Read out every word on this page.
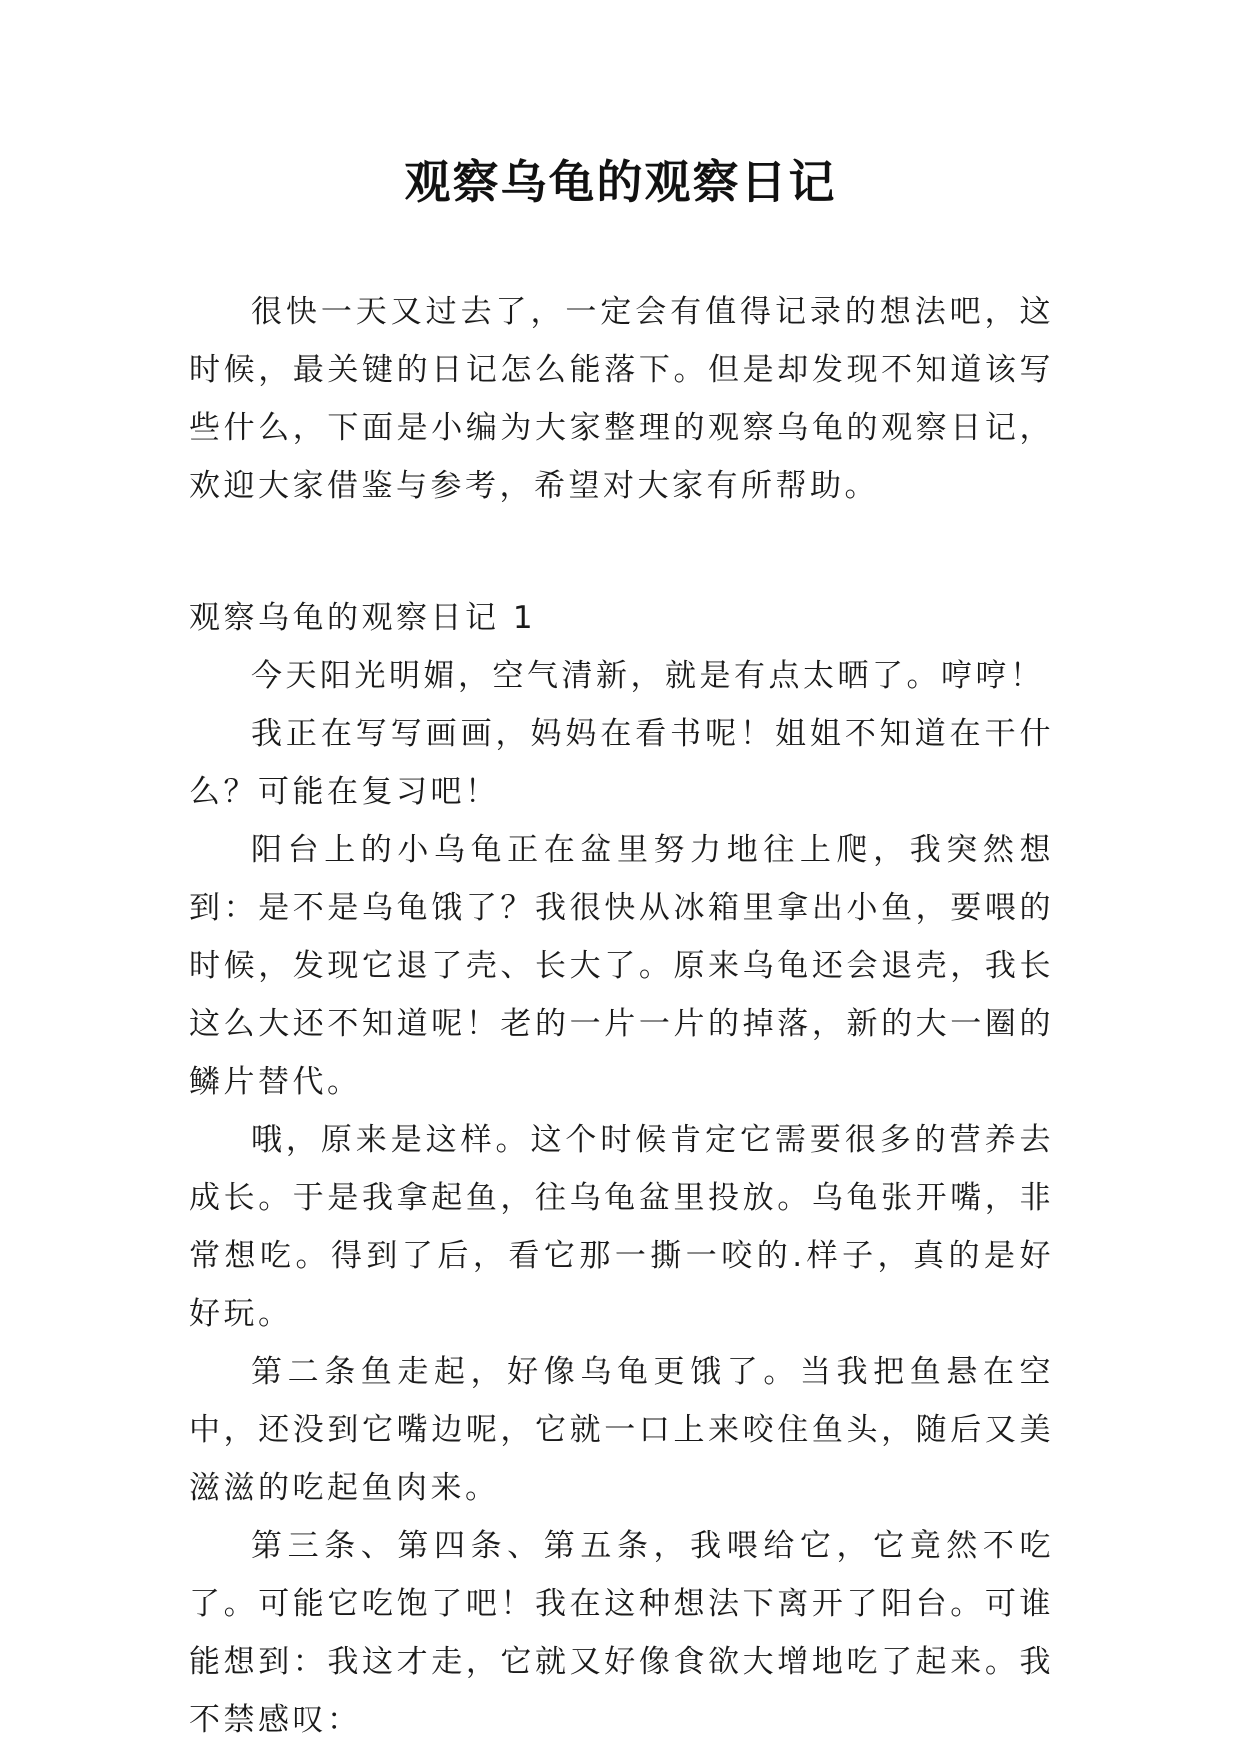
观察乌龟的观察日记

很快一天又过去了，一定会有值得记录的想法吧，这时候，最关键的日记怎么能落下。但是却发现不知道该写些什么，下面是小编为大家整理的观察乌龟的观察日记，欢迎大家借鉴与参考，希望对大家有所帮助。

观察乌龟的观察日记 1

今天阳光明媚，空气清新，就是有点太晒了。哼哼！

我正在写写画画，妈妈在看书呢！姐姐不知道在干什么？可能在复习吧！

阳台上的小乌龟正在盆里努力地往上爬，我突然想到：是不是乌龟饿了？我很快从冰箱里拿出小鱼，要喂的时候，发现它退了壳、长大了。原来乌龟还会退壳，我长这么大还不知道呢！老的一片一片的掉落，新的大一圈的鳞片替代。

哦，原来是这样。这个时候肯定它需要很多的营养去成长。于是我拿起鱼，往乌龟盆里投放。乌龟张开嘴，非常想吃。得到了后，看它那一撕一咬的.样子，真的是好好玩。

第二条鱼走起，好像乌龟更饿了。当我把鱼悬在空中，还没到它嘴边呢，它就一口上来咬住鱼头，随后又美滋滋的吃起鱼肉来。

第三条、第四条、第五条，我喂给它，它竟然不吃了。可能它吃饱了吧！我在这种想法下离开了阳台。可谁能想到：我这才走，它就又好像食欲大增地吃了起来。我不禁感叹：
